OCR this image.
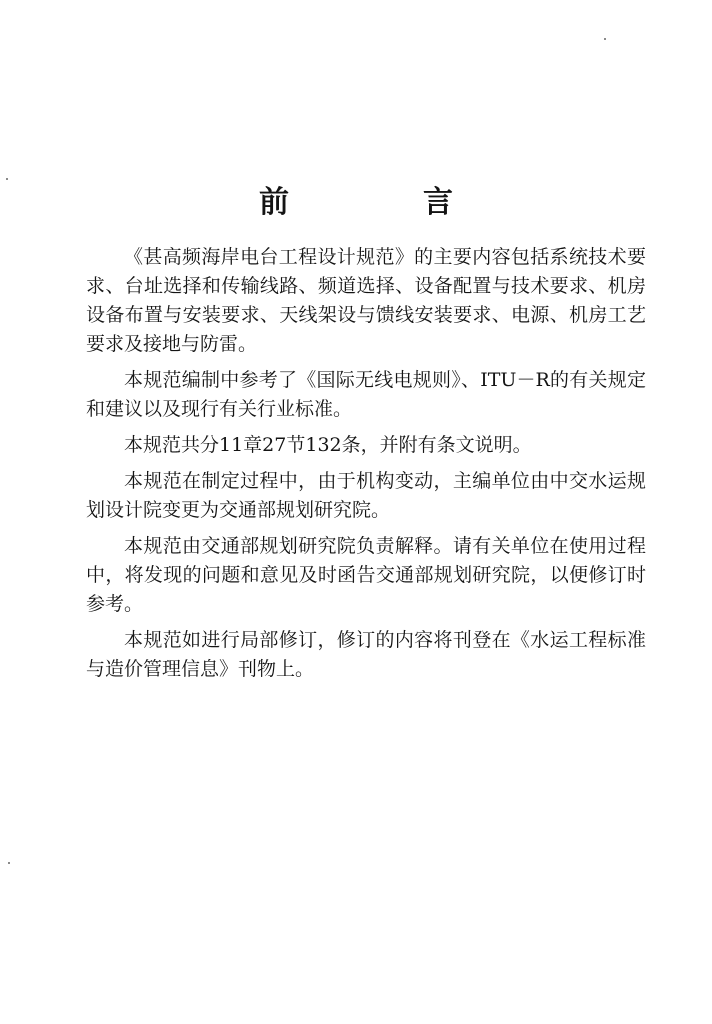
前　言

《甚高频海岸电台工程设计规范》的主要内容包括系统技术要求、台址选择和传输线路、频道选择、设备配置与技术要求、机房设备布置与安装要求、天线架设与馈线安装要求、电源、机房工艺要求及接地与防雷。

本规范编制中参考了《国际无线电规则》、ITU－R的有关规定和建议以及现行有关行业标准。

本规范共分11章27节132条，并附有条文说明。

本规范在制定过程中，由于机构变动，主编单位由中交水运规划设计院变更为交通部规划研究院。

本规范由交通部规划研究院负责解释。请有关单位在使用过程中，将发现的问题和意见及时函告交通部规划研究院，以便修订时参考。

本规范如进行局部修订，修订的内容将刊登在《水运工程标准与造价管理信息》刊物上。
